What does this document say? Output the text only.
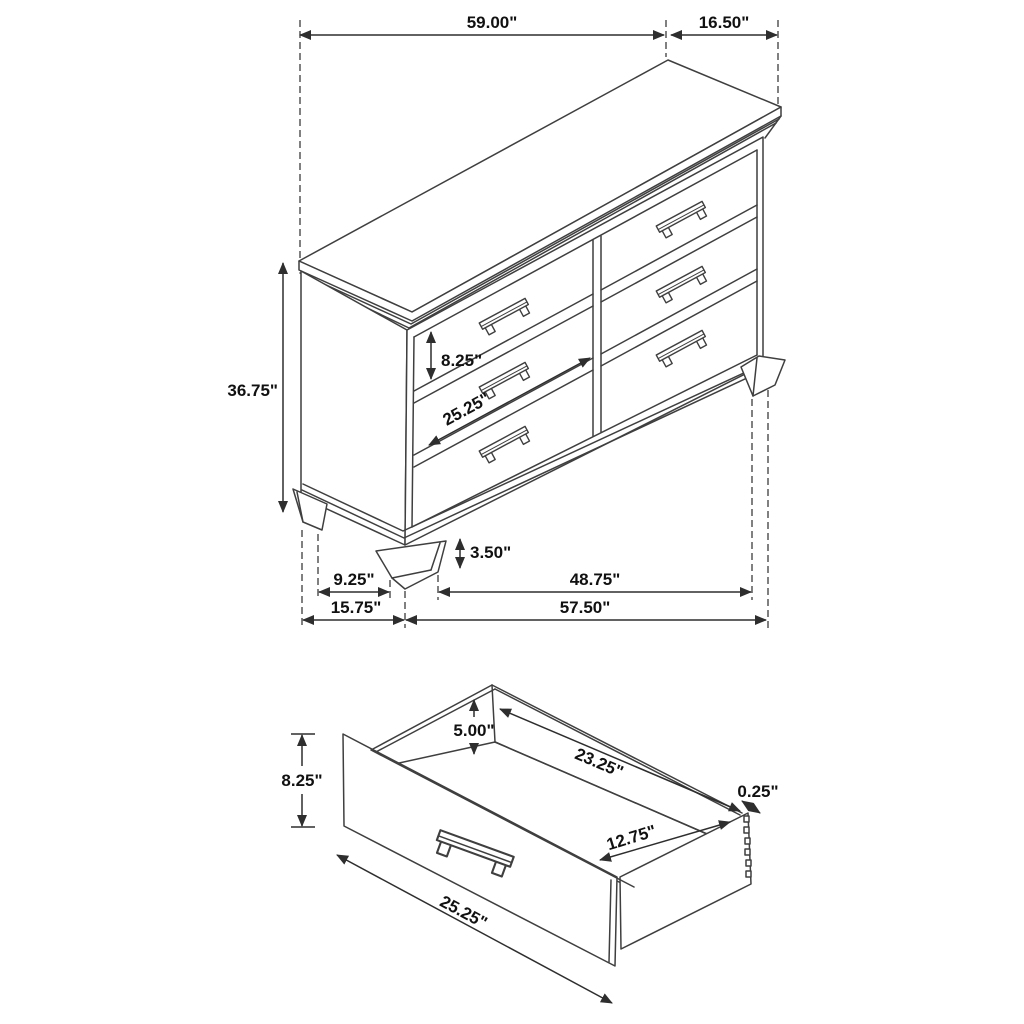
59.00"	16.50"
36.75"
8.25"
25.25"
3.50"
9.25"
15.75"
48.75"
57.50"
8.25"
5.00"
23.25"
0.25"
12.75"
25.25"
